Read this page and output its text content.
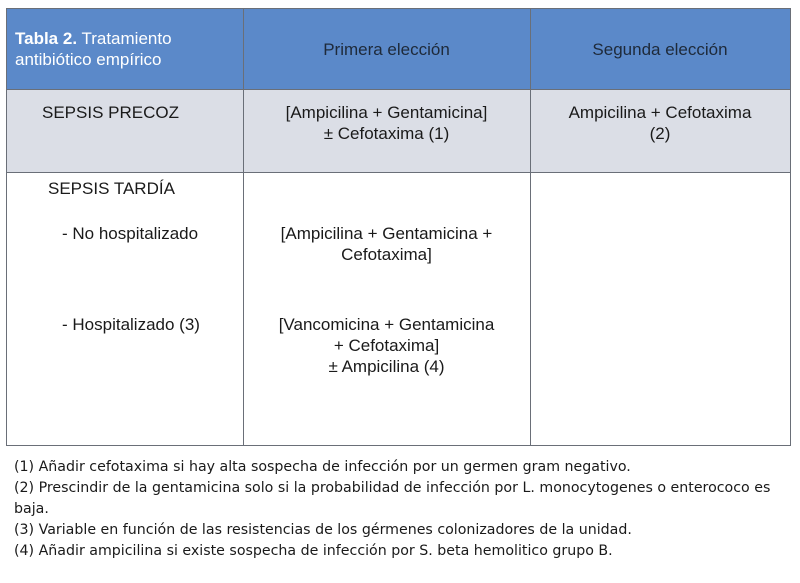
Tabla 2. Tratamiento antibiótico empírico
Primera elección	Segunda elección
SEPSIS PRECOZ	[Ampicilina + Gentamicina]
± Cefotaxima (1)
Ampicilina + Cefotaxima
(2)
SEPSIS TARDÍA
- No hospitalizado
- Hospitalizado (3)
[Ampicilina + Gentamicina +
Cefotaxima]
[Vancomicina + Gentamicina
+ Cefotaxima]
± Ampicilina (4)
(1) Añadir cefotaxima si hay alta sospecha de infección por un germen gram negativo.
(2) Prescindir de la gentamicina solo si la probabilidad de infección por L. monocytogenes o enterococo es baja.
(3) Variable en función de las resistencias de los gérmenes colonizadores de la unidad.
(4) Añadir ampicilina si existe sospecha de infección por S. beta hemolitico grupo B.
